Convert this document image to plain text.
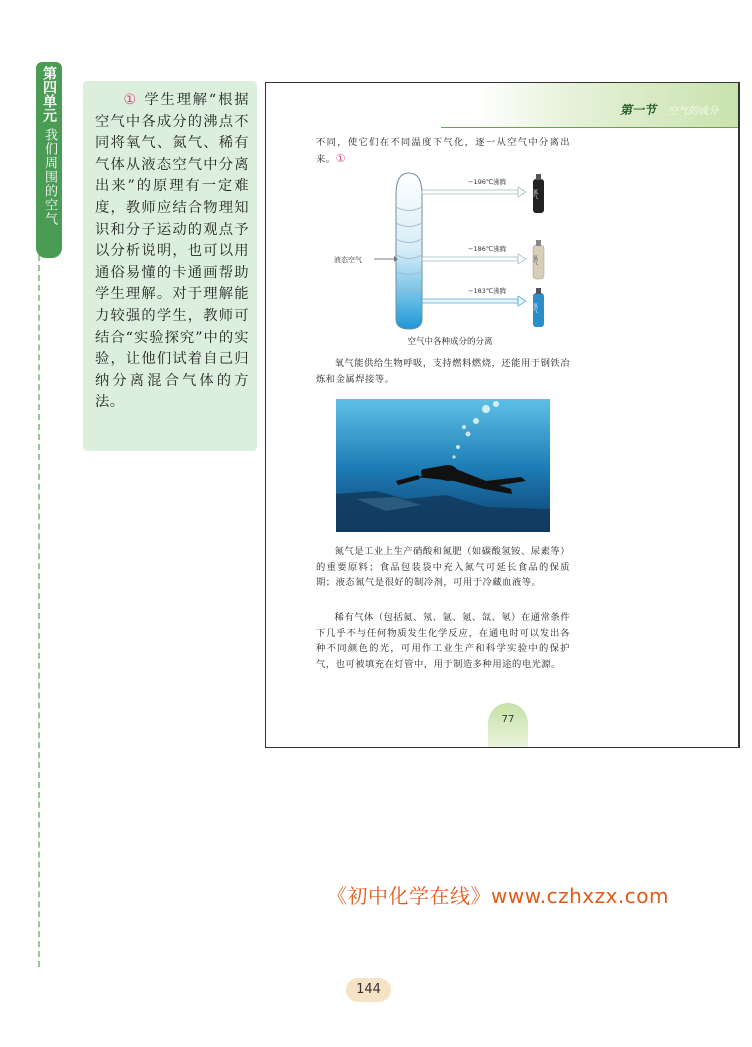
第四单元
我们周围的空气
① 学生理解“根据空气中各成分的沸点不同将氧气、氮气、稀有气体从液态空气中分离出来”的原理有一定难度，教师应结合物理知识和分子运动的观点予以分析说明，也可以用通俗易懂的卡通画帮助学生理解。对于理解能力较强的学生，教师可结合“实验探究”中的实验，让他们试着自己归纳分离混合气体的方法。
第一节 空气的成分
不同，使它们在不同温度下气化，逐一从空气中分离出来。①
液态空气
−196℃沸腾
氮气
−186℃沸腾
氩气
−183℃沸腾
氧气
空气中各种成分的分离
氧气能供给生物呼吸，支持燃料燃烧，还能用于钢铁冶炼和金属焊接等。
氮气是工业上生产硝酸和氮肥（如碳酸氢铵、尿素等）的重要原料；食品包装袋中充入氮气可延长食品的保质期；液态氮气是很好的制冷剂，可用于冷藏血液等。
稀有气体（包括氦、氖、氩、氪、氙、氡）在通常条件下几乎不与任何物质发生化学反应，在通电时可以发出各种不同颜色的光，可用作工业生产和科学实验中的保护气，也可被填充在灯管中，用于制造多种用途的电光源。
77
《初中化学在线》www.czhxzx.com
144
